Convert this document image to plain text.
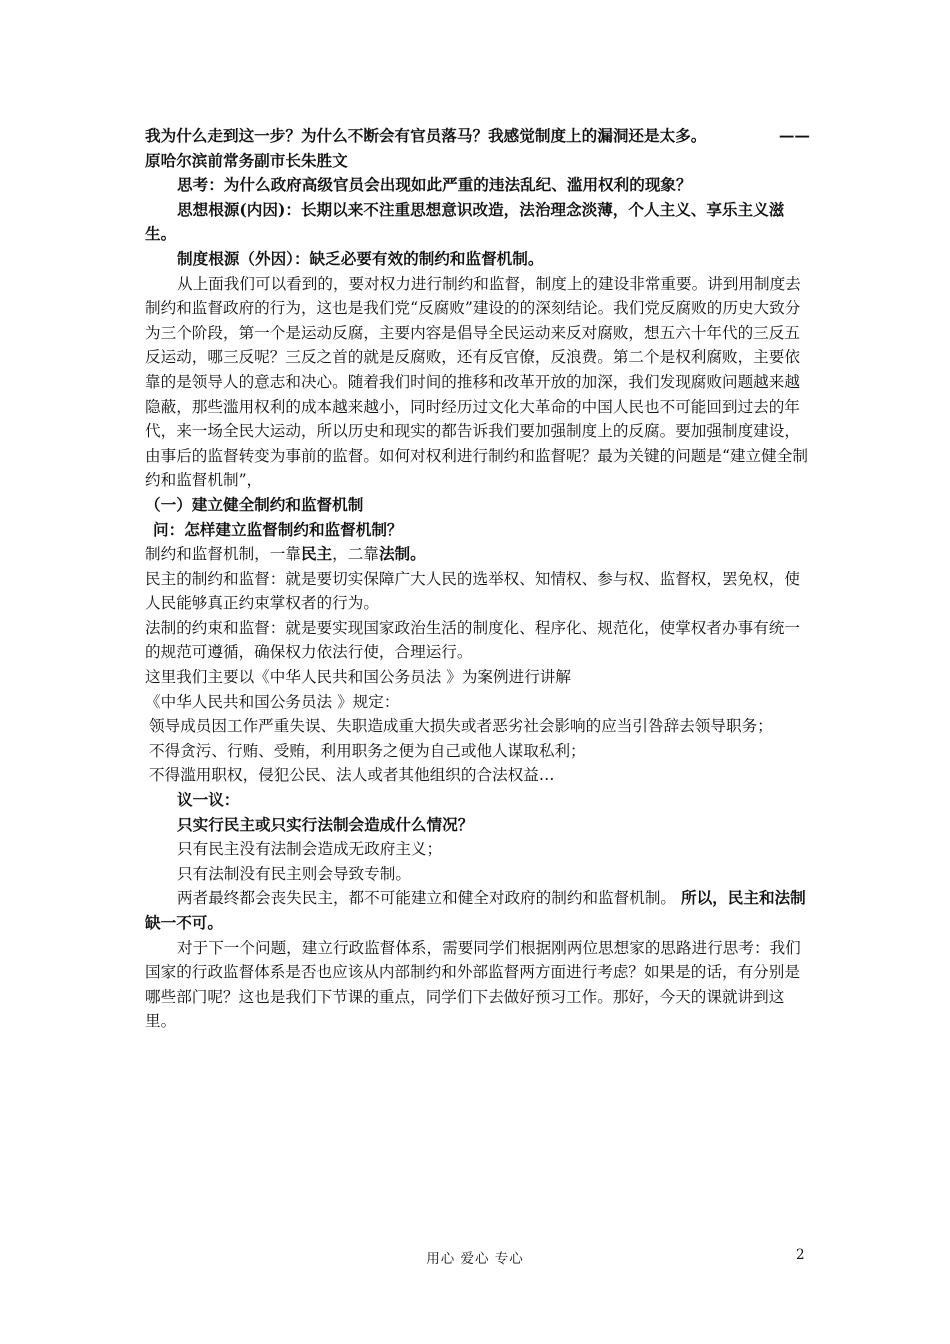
我为什么走到这一步？为什么不断会有官员落马？我感觉制度上的漏洞还是太多。	——

原哈尔滨前常务副市长朱胜文

思考：为什么政府高级官员会出现如此严重的违法乱纪、滥用权利的现象？

思想根源(内因)：长期以来不注重思想意识改造，法治理念淡薄，个人主义、享乐主义滋生。

制度根源（外因）：缺乏必要有效的制约和监督机制。

从上面我们可以看到的，要对权力进行制约和监督，制度上的建设非常重要。讲到用制度去制约和监督政府的行为，这也是我们党“反腐败”建设的的深刻结论。我们党反腐败的历史大致分为三个阶段，第一个是运动反腐，主要内容是倡导全民运动来反对腐败，想五六十年代的三反五反运动，哪三反呢？三反之首的就是反腐败，还有反官僚，反浪费。第二个是权利腐败，主要依靠的是领导人的意志和决心。随着我们时间的推移和改革开放的加深，我们发现腐败问题越来越隐蔽，那些滥用权利的成本越来越小，同时经历过文化大革命的中国人民也不可能回到过去的年代，来一场全民大运动，所以历史和现实的都告诉我们要加强制度上的反腐。要加强制度建设，由事后的监督转变为事前的监督。如何对权利进行制约和监督呢？最为关键的问题是“建立健全制约和监督机制”，

（一）建立健全制约和监督机制

问：怎样建立监督制约和监督机制？

制约和监督机制，一靠民主，二靠法制。

民主的制约和监督：就是要切实保障广大人民的选举权、知情权、参与权、监督权，罢免权，使人民能够真正约束掌权者的行为。

法制的约束和监督：就是要实现国家政治生活的制度化、程序化、规范化，使掌权者办事有统一的规范可遵循，确保权力依法行使，合理运行。

这里我们主要以《中华人民共和国公务员法 》为案例进行讲解

《中华人民共和国公务员法 》规定：

领导成员因工作严重失误、失职造成重大损失或者恶劣社会影响的应当引咎辞去领导职务；

不得贪污、行贿、受贿，利用职务之便为自己或他人谋取私利；

不得滥用职权，侵犯公民、法人或者其他组织的合法权益…

议一议：

只实行民主或只实行法制会造成什么情况？

只有民主没有法制会造成无政府主义；

只有法制没有民主则会导致专制。

两者最终都会丧失民主，都不可能建立和健全对政府的制约和监督机制。 所以，民主和法制缺一不可。

对于下一个问题，建立行政监督体系，需要同学们根据刚两位思想家的思路进行思考：我们国家的行政监督体系是否也应该从内部制约和外部监督两方面进行考虑？如果是的话，有分别是哪些部门呢？这也是我们下节课的重点，同学们下去做好预习工作。那好，今天的课就讲到这里。

用心 爱心 专心	2
